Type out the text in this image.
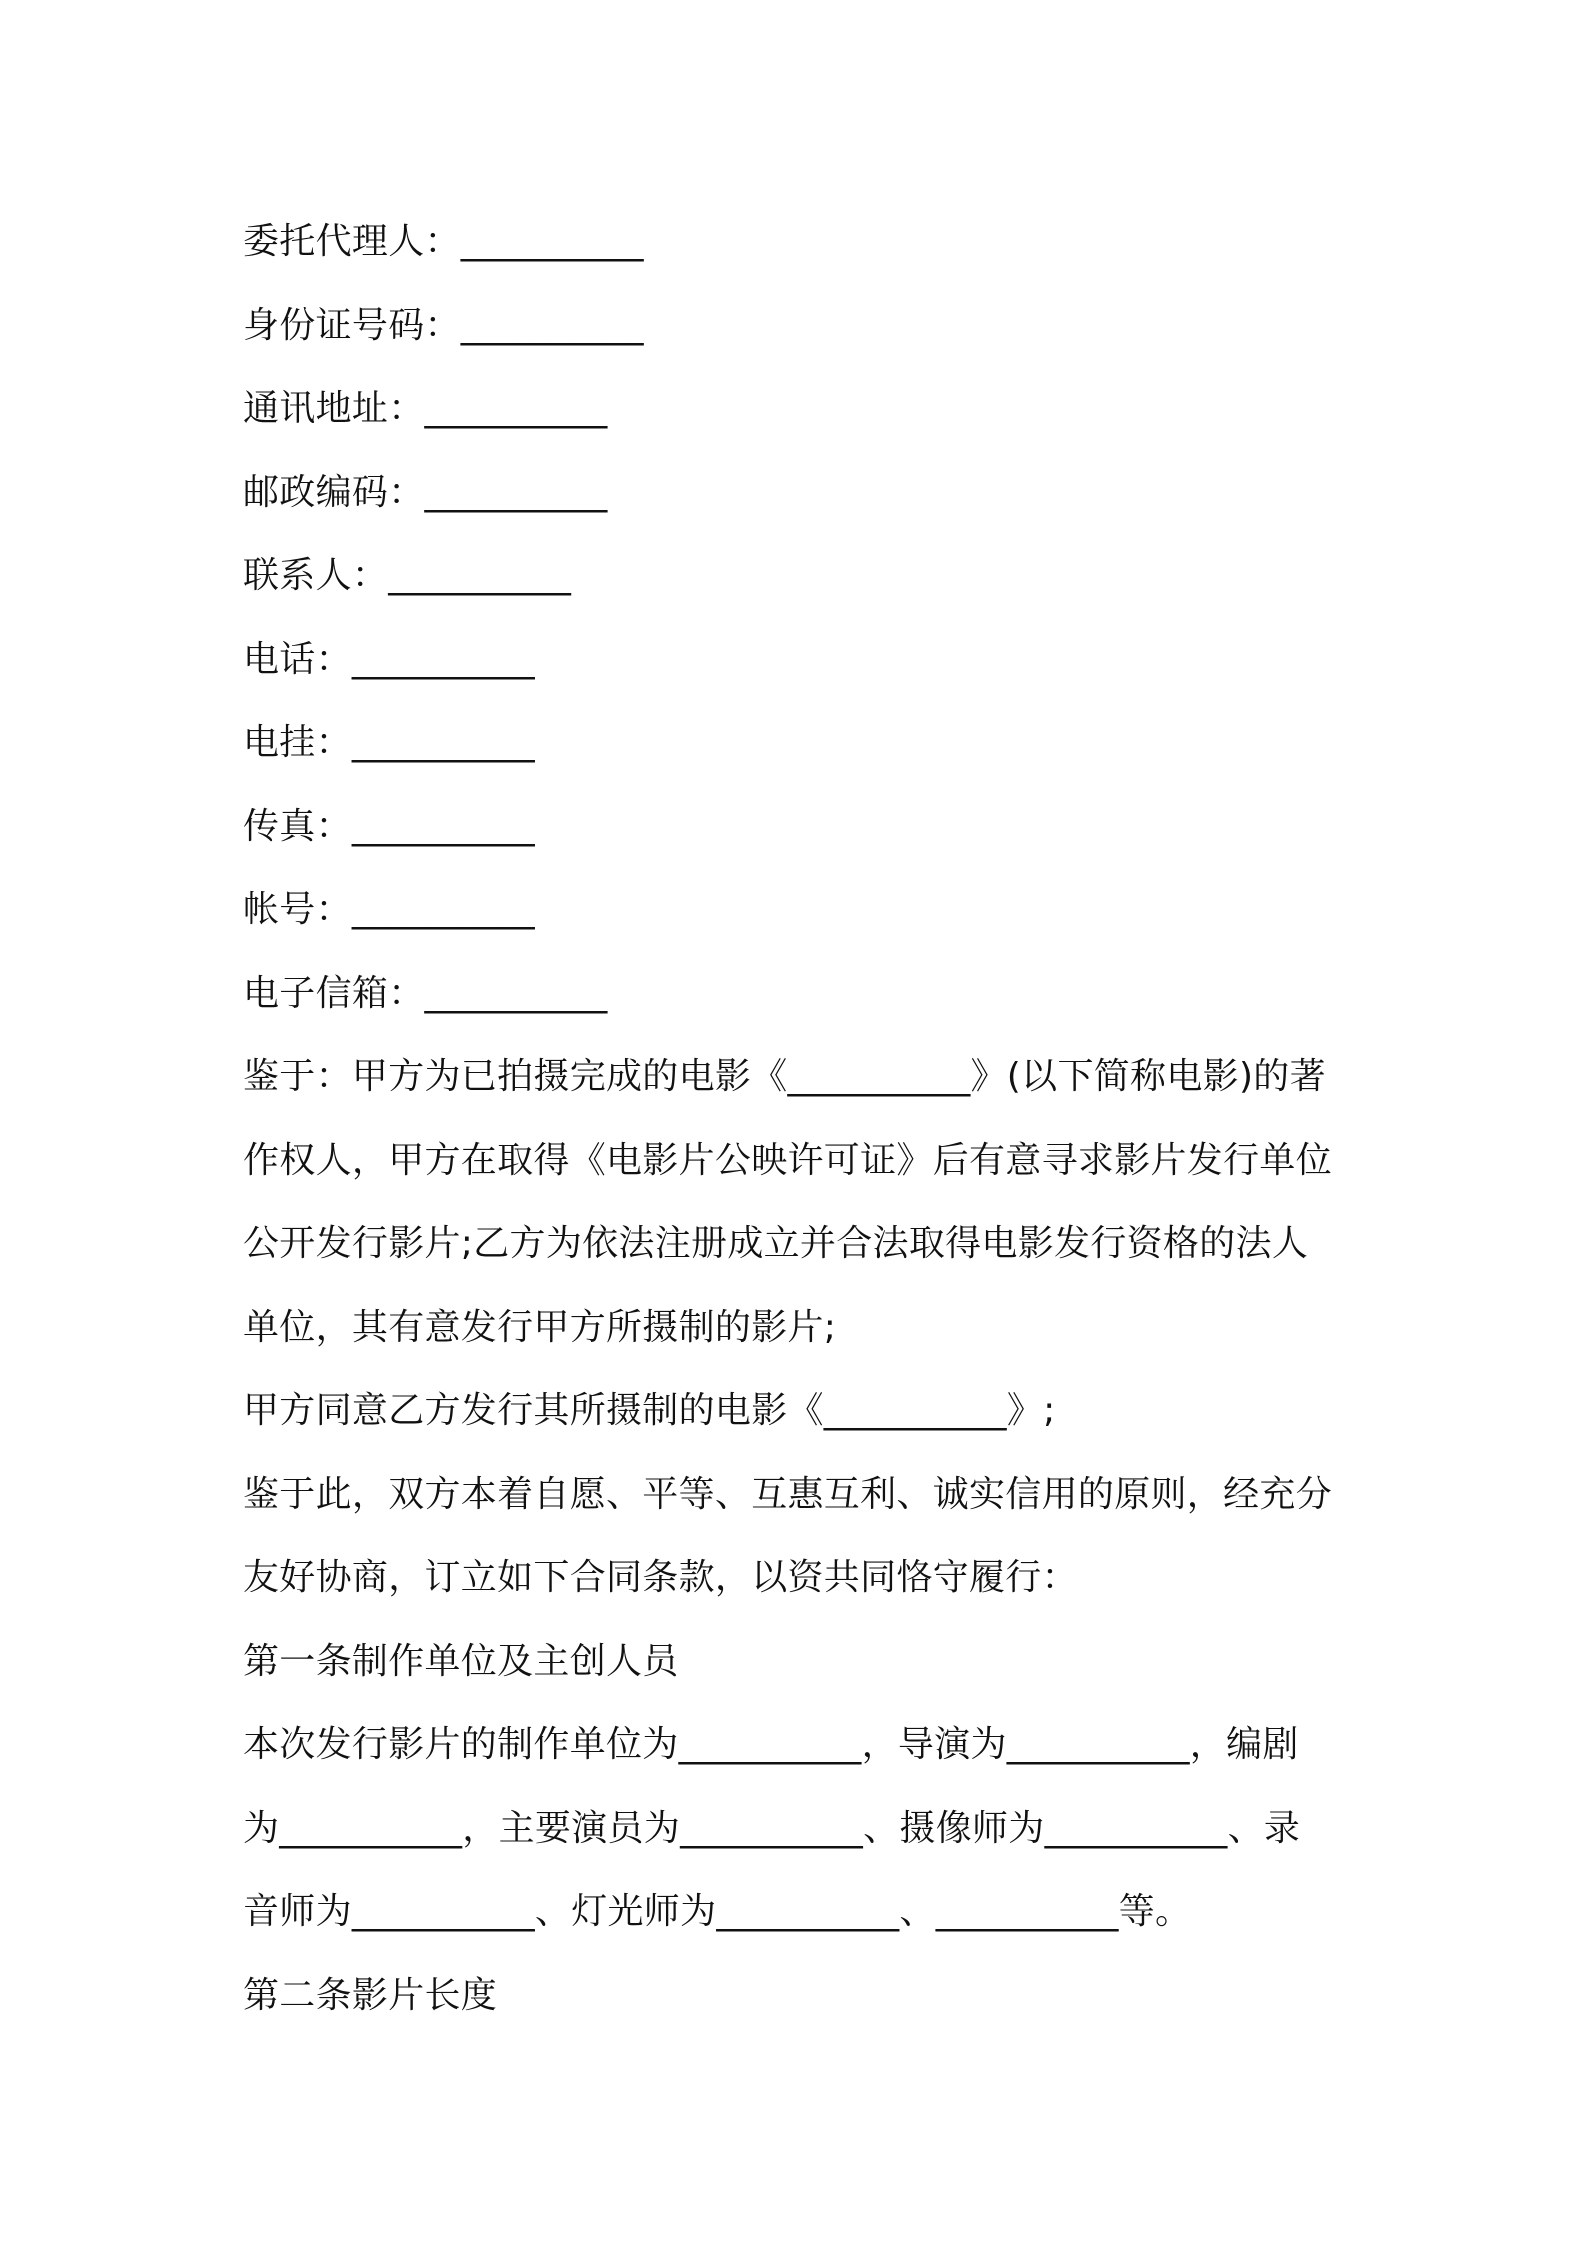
委托代理人：__________
身份证号码：__________
通讯地址：__________
邮政编码：__________
联系人：__________
电话：__________
电挂：__________
传真：__________
帐号：__________
电子信箱：__________
鉴于：甲方为已拍摄完成的电影《__________》(以下简称电影)的著
作权人，甲方在取得《电影片公映许可证》后有意寻求影片发行单位
公开发行影片;乙方为依法注册成立并合法取得电影发行资格的法人
单位，其有意发行甲方所摄制的影片;
甲方同意乙方发行其所摄制的电影《__________》;
鉴于此，双方本着自愿、平等、互惠互利、诚实信用的原则，经充分
友好协商，订立如下合同条款，以资共同恪守履行：
第一条制作单位及主创人员
本次发行影片的制作单位为__________，导演为__________，编剧
为__________，主要演员为__________、摄像师为__________、录
音师为__________、灯光师为__________、__________等。
第二条影片长度
